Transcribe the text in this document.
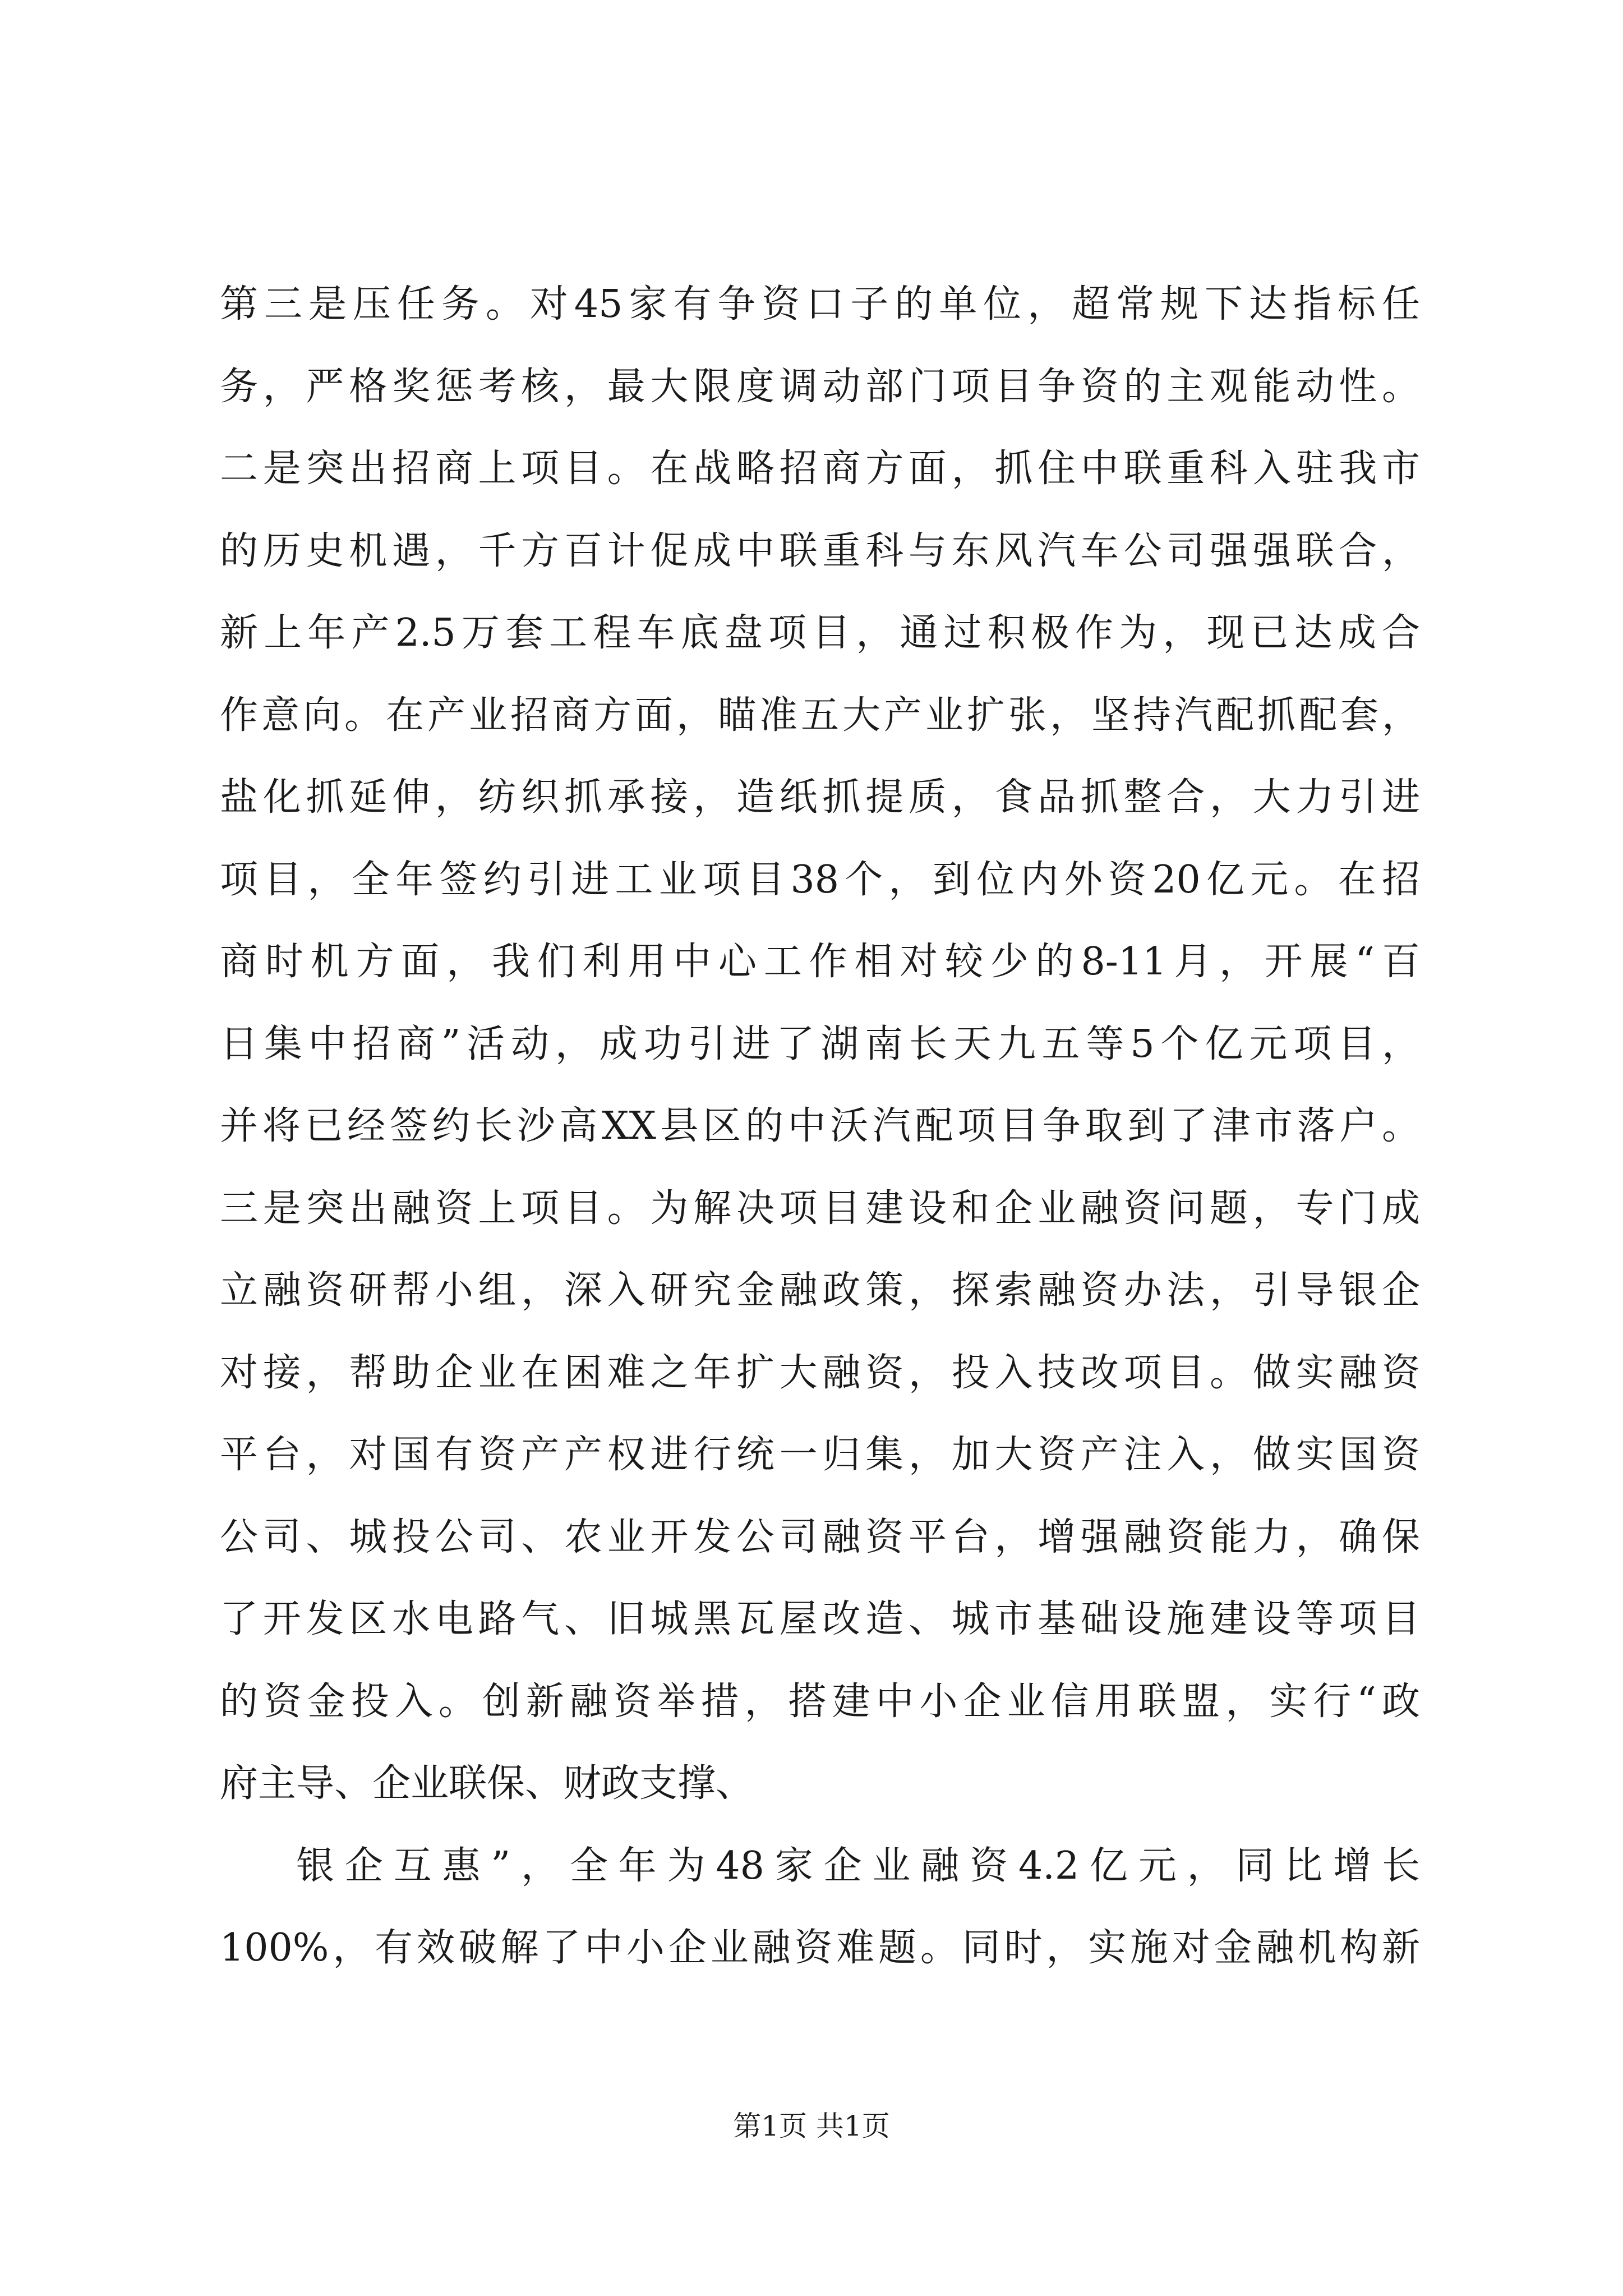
第三是压任务。对45家有争资口子的单位，超常规下达指标任
务，严格奖惩考核，最大限度调动部门项目争资的主观能动性。
二是突出招商上项目。在战略招商方面，抓住中联重科入驻我市
的历史机遇，千方百计促成中联重科与东风汽车公司强强联合，
新上年产2.5万套工程车底盘项目，通过积极作为，现已达成合
作意向。在产业招商方面，瞄准五大产业扩张，坚持汽配抓配套，
盐化抓延伸，纺织抓承接，造纸抓提质，食品抓整合，大力引进
项目，全年签约引进工业项目38个，到位内外资20亿元。在招
商时机方面，我们利用中心工作相对较少的8-11月，开展“百
日集中招商”活动，成功引进了湖南长天九五等5个亿元项目，
并将已经签约长沙高XX县区的中沃汽配项目争取到了津市落户。
三是突出融资上项目。为解决项目建设和企业融资问题，专门成
立融资研帮小组，深入研究金融政策，探索融资办法，引导银企
对接，帮助企业在困难之年扩大融资，投入技改项目。做实融资
平台，对国有资产产权进行统一归集，加大资产注入，做实国资
公司、城投公司、农业开发公司融资平台，增强融资能力，确保
了开发区水电路气、旧城黑瓦屋改造、城市基础设施建设等项目
的资金投入。创新融资举措，搭建中小企业信用联盟，实行“政
府主导、企业联保、财政支撑、
银企互惠”，全年为48家企业融资4.2亿元，同比增长
100%，有效破解了中小企业融资难题。同时，实施对金融机构新
第1页 共1页
